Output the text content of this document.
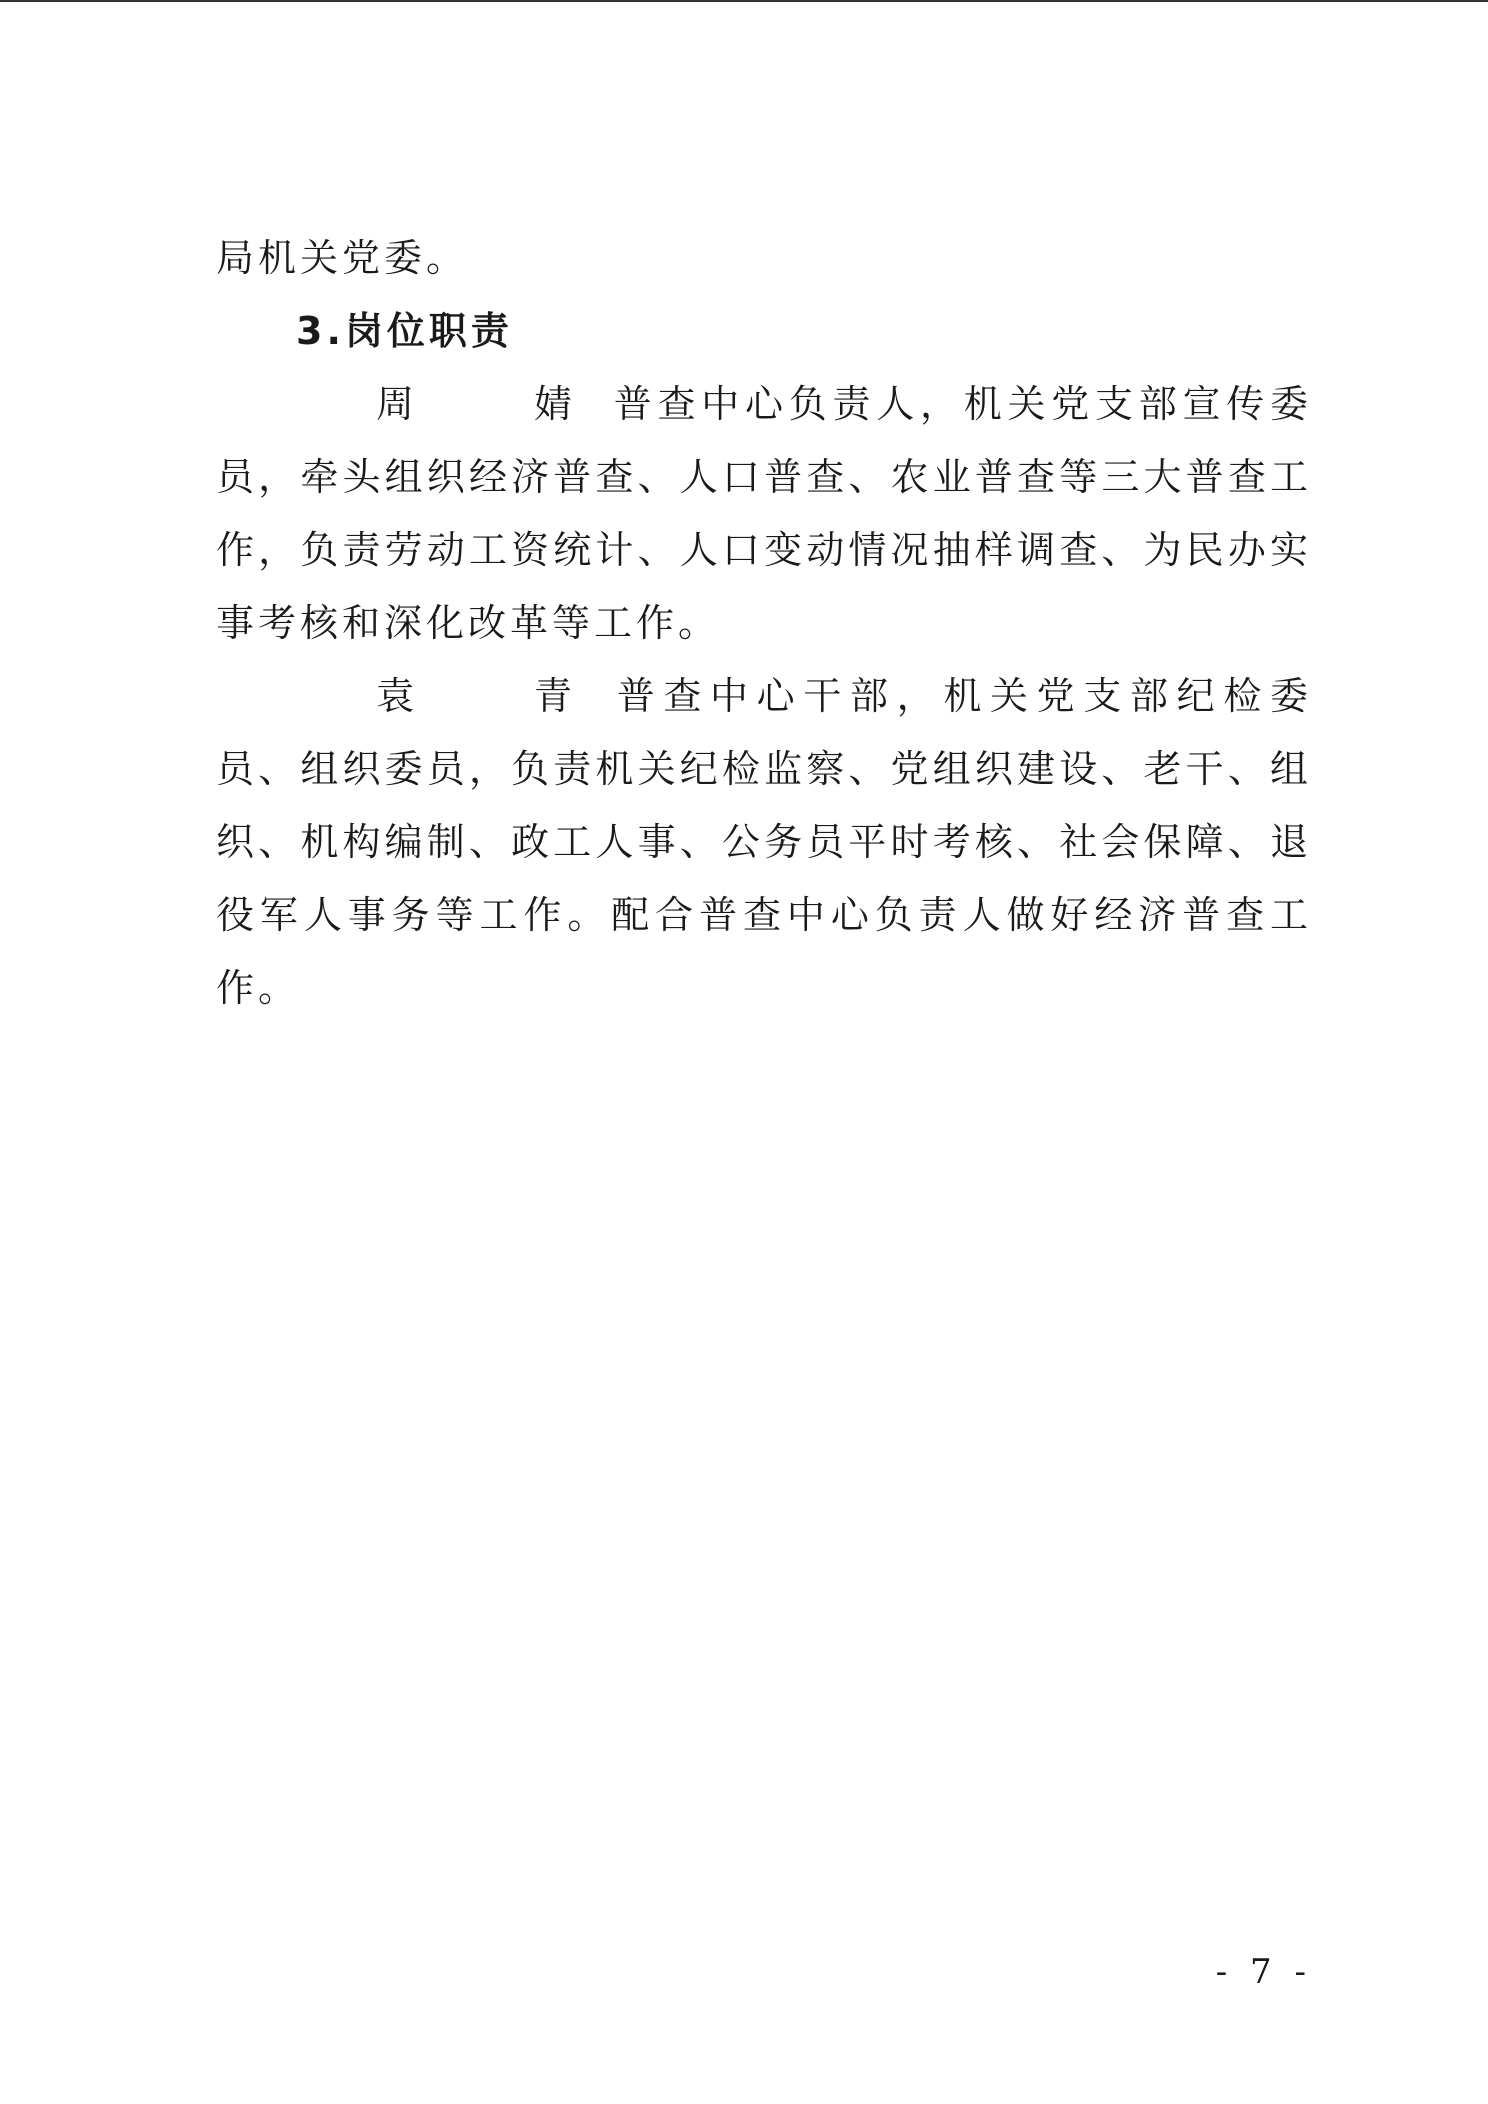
局机关党委。

3.岗位职责

周	婧 普查中心负责人，机关党支部宣传委员，牵头组织经济普查、人口普查、农业普查等三大普查工作，负责劳动工资统计、人口变动情况抽样调查、为民办实事考核和深化改革等工作。

袁	青 普查中心干部，机关党支部纪检委员、组织委员，负责机关纪检监察、党组织建设、老干、组织、机构编制、政工人事、公务员平时考核、社会保障、退役军人事务等工作。配合普查中心负责人做好经济普查工作。

- 7 -
